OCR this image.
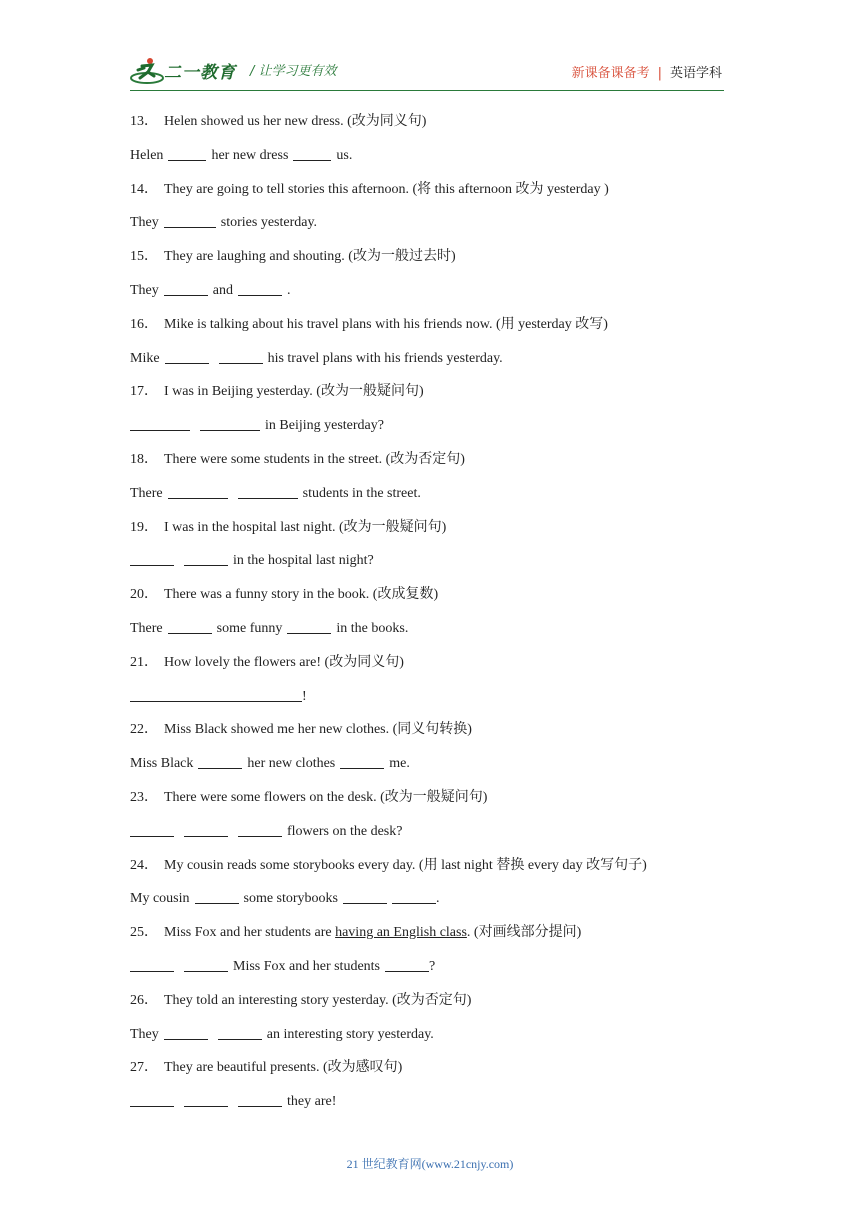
二一教育 / 让学习更有效	新课备课备考 | 英语学科
13． Helen showed us her new dress. (改为同义句)
Helen	her new dress	us.
14． They are going to tell stories this afternoon. (将 this afternoon 改为 yesterday )
They	stories yesterday.
15． They are laughing and shouting. (改为一般过去时)
They	and	.
16． Mike is talking about his travel plans with his friends now. (用 yesterday 改写)
Mike	his travel plans with his friends yesterday.
17． I was in Beijing yesterday. (改为一般疑问句)
in Beijing yesterday?
18． There were some students in the street. (改为否定句)
There	students in the street.
19． I was in the hospital last night. (改为一般疑问句)
in the hospital last night?
20． There was a funny story in the book. (改成复数)
There	some funny	in the books.
21． How lovely the flowers are! (改为同义句)
!
22． Miss Black showed me her new clothes. (同义句转换)
Miss Black	her new clothes	me.
23． There were some flowers on the desk. (改为一般疑问句)
flowers on the desk?
24． My cousin reads some storybooks every day. (用 last night 替换 every day 改写句子)
My cousin	some storybooks	.
25． Miss Fox and her students are having an English class. (对画线部分提问)
Miss Fox and her students	?
26． They told an interesting story yesterday. (改为否定句)
They	an interesting story yesterday.
27． They are beautiful presents. (改为感叹句)
they are!
21 世纪教育网(www.21cnjy.com)
